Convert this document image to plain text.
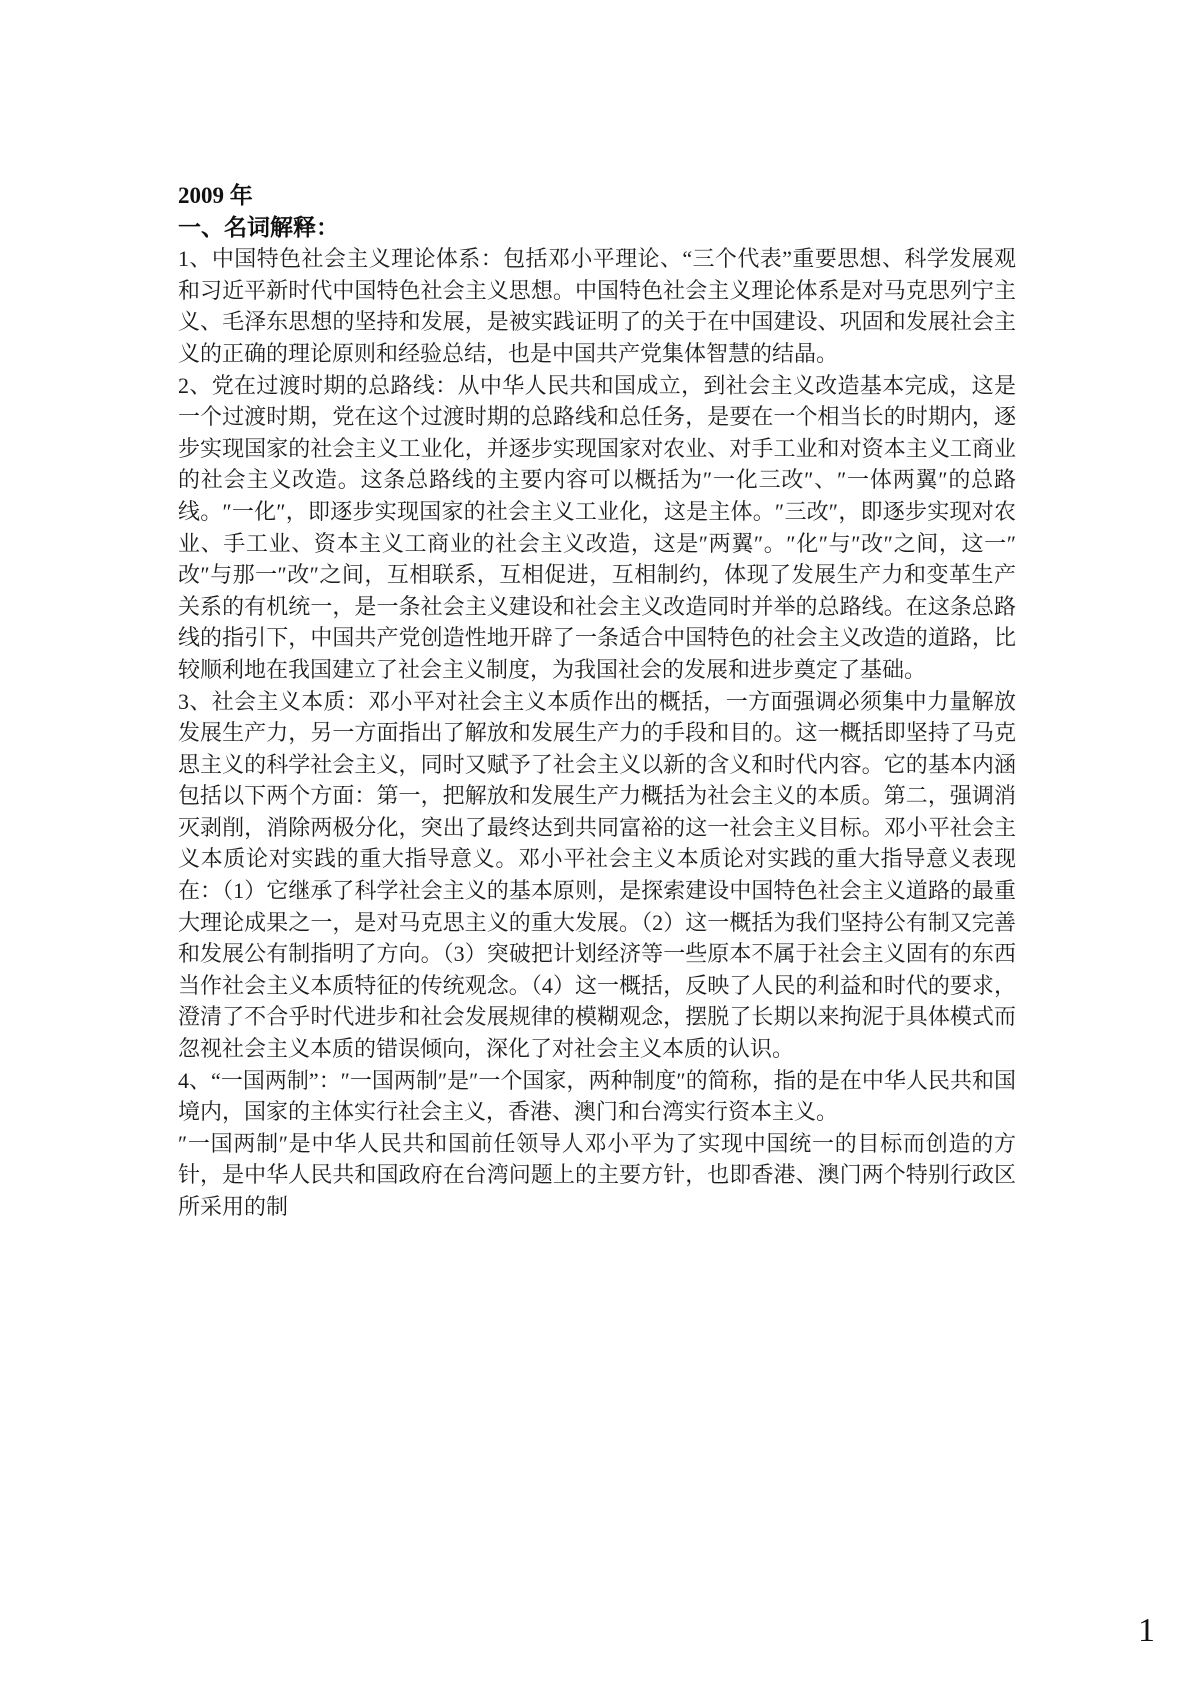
2009 年

一、名词解释：

1、中国特色社会主义理论体系：包括邓小平理论、“三个代表”重要思想、科学发展观和习近平新时代中国特色社会主义思想。中国特色社会主义理论体系是对马克思列宁主义、毛泽东思想的坚持和发展，是被实践证明了的关于在中国建设、巩固和发展社会主义的正确的理论原则和经验总结，也是中国共产党集体智慧的结晶。

2、党在过渡时期的总路线：从中华人民共和国成立，到社会主义改造基本完成，这是一个过渡时期，党在这个过渡时期的总路线和总任务，是要在一个相当长的时期内，逐步实现国家的社会主义工业化，并逐步实现国家对农业、对手工业和对资本主义工商业的社会主义改造。这条总路线的主要内容可以概括为″一化三改″、″一体两翼″的总路线。″一化″，即逐步实现国家的社会主义工业化，这是主体。″三改″，即逐步实现对农业、手工业、资本主义工商业的社会主义改造，这是″两翼″。″化″与″改″之间，这一″改″与那一″改″之间，互相联系，互相促进，互相制约，体现了发展生产力和变革生产关系的有机统一，是一条社会主义建设和社会主义改造同时并举的总路线。在这条总路线的指引下，中国共产党创造性地开辟了一条适合中国特色的社会主义改造的道路，比较顺利地在我国建立了社会主义制度，为我国社会的发展和进步奠定了基础。

3、社会主义本质：邓小平对社会主义本质作出的概括，一方面强调必须集中力量解放发展生产力，另一方面指出了解放和发展生产力的手段和目的。这一概括即坚持了马克思主义的科学社会主义，同时又赋予了社会主义以新的含义和时代内容。它的基本内涵包括以下两个方面：第一，把解放和发展生产力概括为社会主义的本质。第二，强调消灭剥削，消除两极分化，突出了最终达到共同富裕的这一社会主义目标。邓小平社会主义本质论对实践的重大指导意义。邓小平社会主义本质论对实践的重大指导意义表现在：（1）它继承了科学社会主义的基本原则，是探索建设中国特色社会主义道路的最重大理论成果之一，是对马克思主义的重大发展。（2）这一概括为我们坚持公有制又完善和发展公有制指明了方向。（3）突破把计划经济等一些原本不属于社会主义固有的东西当作社会主义本质特征的传统观念。（4）这一概括，反映了人民的利益和时代的要求，澄清了不合乎时代进步和社会发展规律的模糊观念，摆脱了长期以来拘泥于具体模式而忽视社会主义本质的错误倾向，深化了对社会主义本质的认识。

4、“一国两制”：″一国两制″是″一个国家，两种制度″的简称，指的是在中华人民共和国境内，国家的主体实行社会主义，香港、澳门和台湾实行资本主义。

″一国两制″是中华人民共和国前任领导人邓小平为了实现中国统一的目标而创造的方针，是中华人民共和国政府在台湾问题上的主要方针，也即香港、澳门两个特别行政区所采用的制

1
